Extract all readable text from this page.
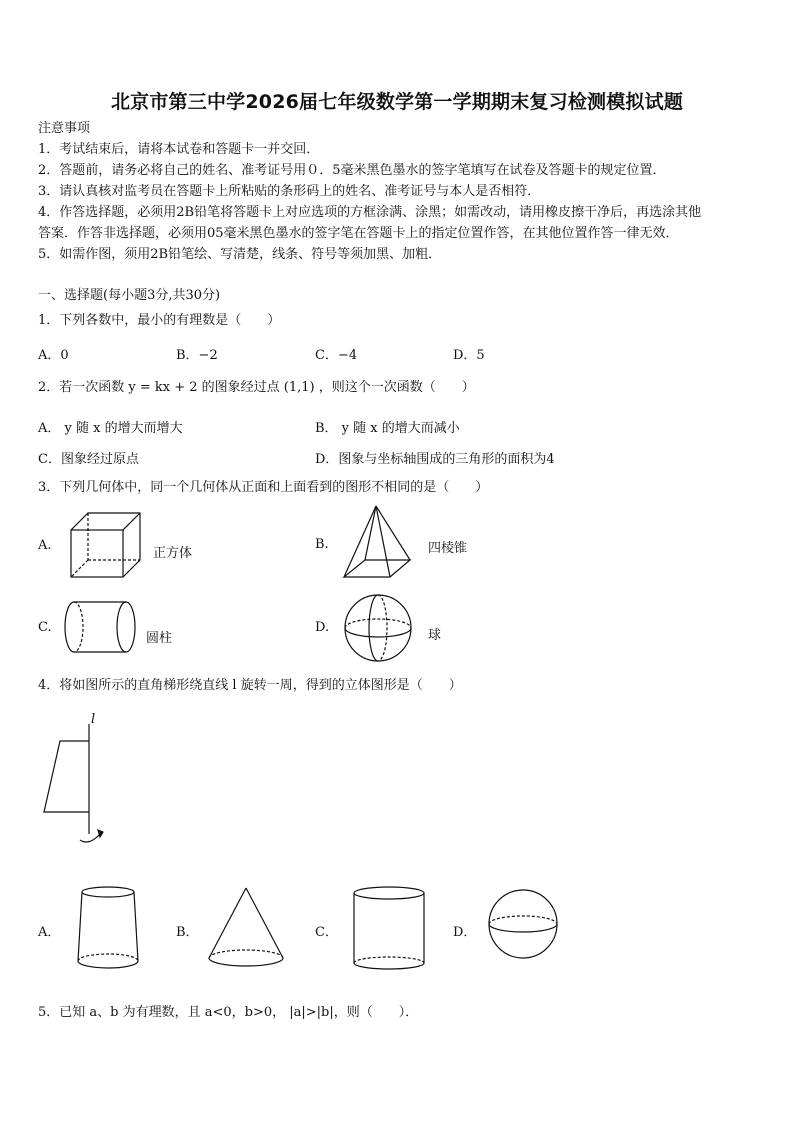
北京市第三中学2026届七年级数学第一学期期末复习检测模拟试题
注意事项
1．考试结束后，请将本试卷和答题卡一并交回．
2．答题前，请务必将自己的姓名、准考证号用０．5毫米黑色墨水的签字笔填写在试卷及答题卡的规定位置．
3．请认真核对监考员在答题卡上所粘贴的条形码上的姓名、准考证号与本人是否相符．
4．作答选择题，必须用2B铅笔将答题卡上对应选项的方框涂满、涂黑；如需改动，请用橡皮擦干净后，再选涂其他
答案．作答非选择题，必须用05毫米黑色墨水的签字笔在答题卡上的指定位置作答，在其他位置作答一律无效．
5．如需作图，须用2B铅笔绘、写清楚，线条、符号等须加黑、加粗．
一、选择题(每小题3分,共30分)
1．下列各数中，最小的有理数是（　　）
A．0	B．−2	C．−4	D．5
2．若一次函数 y = kx + 2 的图象经过点 (1,1) ，则这个一次函数（　　）
A． y 随 x 的增大而增大	B． y 随 x 的增大而减小
C．图象经过原点	D．图象与坐标轴围成的三角形的面积为4
3．下列几何体中，同一个几何体从正面和上面看到的图形不相同的是（　　）
A.
正方体
B.	四棱锥
C.
圆柱
D.
球
4．将如图所示的直角梯形绕直线 l 旋转一周，得到的立体图形是（　　）
l
A．	B．	C．	D．
5．已知 a、b 为有理数，且 a<0，b>0， |a|>|b|，则（　　）．
